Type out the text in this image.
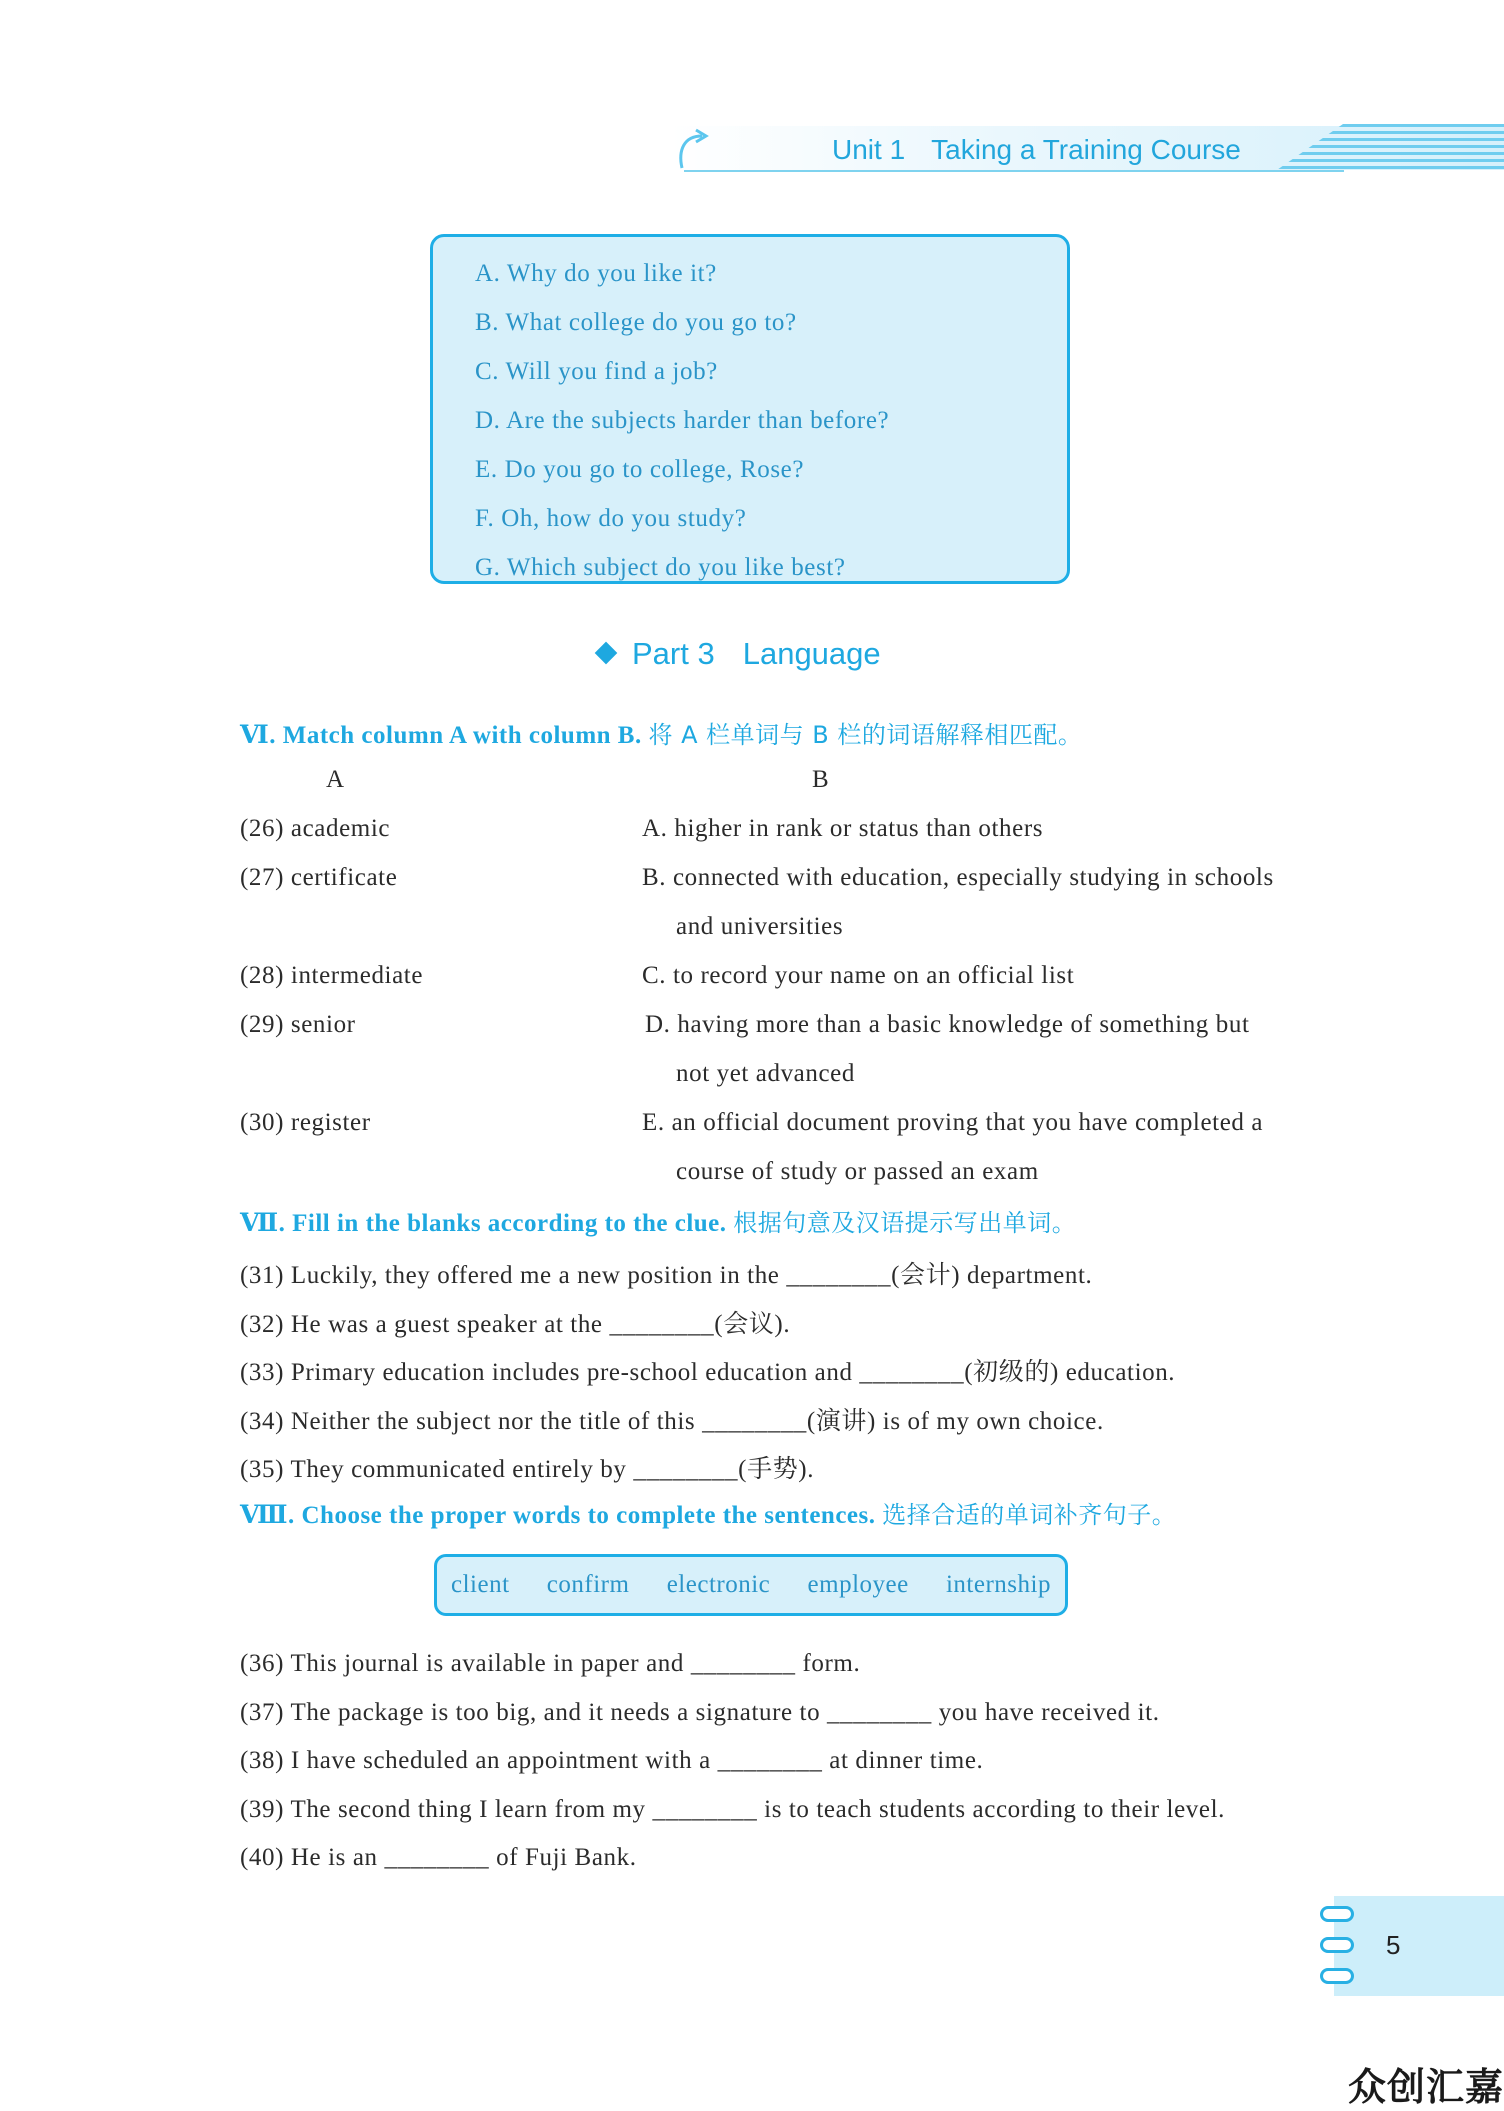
Unit 1 Taking a Training Course
A. Why do you like it?
B. What college do you go to?
C. Will you find a job?
D. Are the subjects harder than before?
E. Do you go to college, Rose?
F. Oh, how do you study?
G. Which subject do you like best?
Part 3 Language
Ⅵ. Match column A with column B. 将 A 栏单词与 B 栏的词语解释相匹配。
A	B
(26) academic	A. higher in rank or status than others
(27) certificate	B. connected with education, especially studying in schools
and universities
(28) intermediate	C. to record your name on an official list
(29) senior	D. having more than a basic knowledge of something but
not yet advanced
(30) register	E. an official document proving that you have completed a
course of study or passed an exam
Ⅶ. Fill in the blanks according to the clue. 根据句意及汉语提示写出单词。
(31) Luckily, they offered me a new position in the ________(会计) department.
(32) He was a guest speaker at the ________(会议).
(33) Primary education includes pre-school education and ________(初级的) education.
(34) Neither the subject nor the title of this ________(演讲) is of my own choice.
(35) They communicated entirely by ________(手势).
Ⅷ. Choose the proper words to complete the sentences. 选择合适的单词补齐句子。
client confirm electronic employee internship
(36) This journal is available in paper and ________ form.
(37) The package is too big, and it needs a signature to ________ you have received it.
(38) I have scheduled an appointment with a ________ at dinner time.
(39) The second thing I learn from my ________ is to teach students according to their level.
(40) He is an ________ of Fuji Bank.
5
众创汇嘉
